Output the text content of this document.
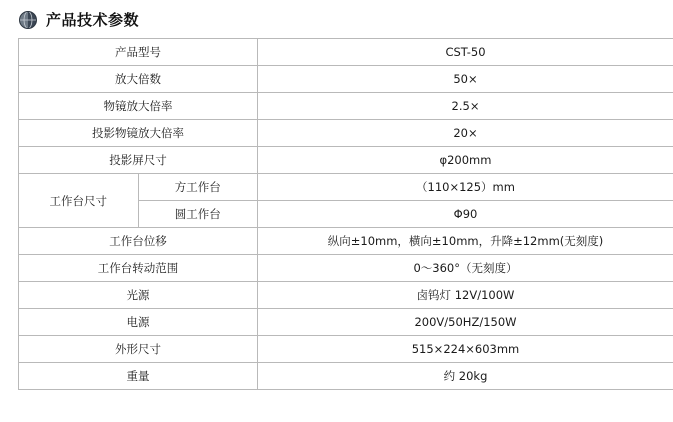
产品技术参数
产品型号		CST-50
放大倍数		50×
物镜放大倍率		2.5×
投影物镜放大倍率		20×
投影屏尺寸		φ200mm
工作台尺寸	方工作台	（110×125）mm
	圆工作台	Φ90
工作台位移		纵向±10mm，横向±10mm，升降±12mm(无刻度)
工作台转动范围		0～360°（无刻度）
光源		卤钨灯 12V/100W
电源		200V/50HZ/150W
外形尺寸		515×224×603mm
重量		约 20kg
